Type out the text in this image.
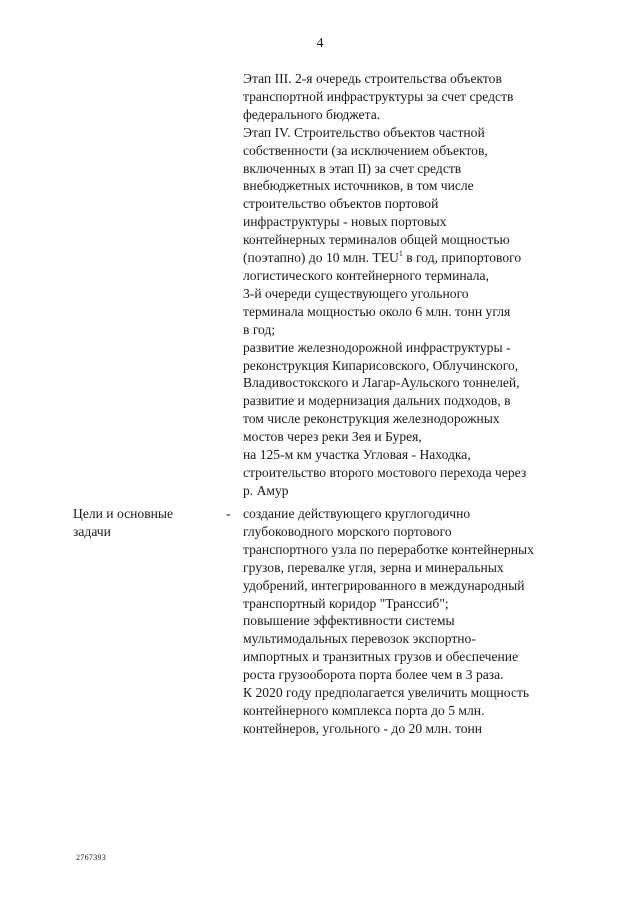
4
Этап III. 2-я очередь строительства объектов
транспортной инфраструктуры за счет средств
федерального бюджета.
Этап IV. Строительство объектов частной
собственности (за исключением объектов,
включенных в этап II) за счет средств
внебюджетных источников, в том числе
строительство объектов портовой
инфраструктуры - новых портовых
контейнерных терминалов общей мощностью
(поэтапно) до 10 млн. TEU$^1$ в год, припортового
логистического контейнерного терминала,
3-й очереди существующего угольного
терминала мощностью около 6 млн. тонн угля
в год;
развитие железнодорожной инфраструктуры -
реконструкция Кипарисовского, Облучинского,
Владивостокского и Лагар-Аульского тоннелей,
развитие и модернизация дальних подходов, в
том числе реконструкция железнодорожных
мостов через реки Зея и Бурея,
на 125-м км участка Угловая - Находка,
строительство второго мостового перехода через
р. Амур
Цели и основные
задачи
- создание действующего круглогодично
глубоководного морского портового
транспортного узла по переработке контейнерных
грузов, перевалке угля, зерна и минеральных
удобрений, интегрированного в международный
транспортный коридор "Транссиб";
повышение эффективности системы
мультимодальных перевозок экспортно-
импортных и транзитных грузов и обеспечение
роста грузооборота порта более чем в 3 раза.
К 2020 году предполагается увеличить мощность
контейнерного комплекса порта до 5 млн.
контейнеров, угольного - до 20 млн. тонн
2767393
